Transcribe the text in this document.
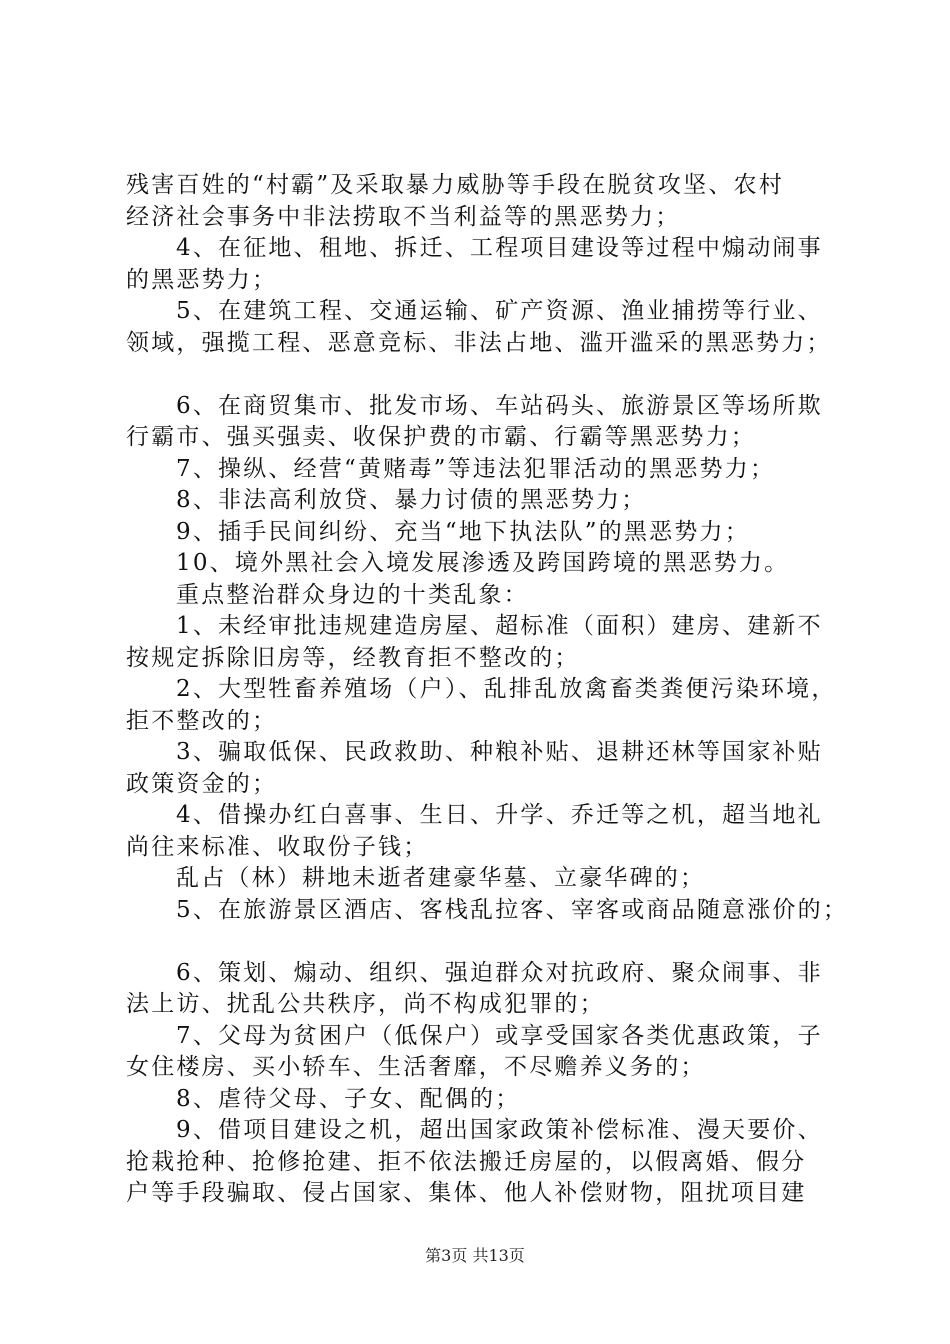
残害百姓的“村霸”及采取暴力威胁等手段在脱贫攻坚、农村
经济社会事务中非法捞取不当利益等的黑恶势力；
4、在征地、租地、拆迁、工程项目建设等过程中煽动闹事
的黑恶势力；
5、在建筑工程、交通运输、矿产资源、渔业捕捞等行业、
领域，强揽工程、恶意竞标、非法占地、滥开滥采的黑恶势力；
6、在商贸集市、批发市场、车站码头、旅游景区等场所欺
行霸市、强买强卖、收保护费的市霸、行霸等黑恶势力；
7、操纵、经营“黄赌毒”等违法犯罪活动的黑恶势力；
8、非法高利放贷、暴力讨债的黑恶势力；
9、插手民间纠纷、充当“地下执法队”的黑恶势力；
10、境外黑社会入境发展渗透及跨国跨境的黑恶势力。
重点整治群众身边的十类乱象：
1、未经审批违规建造房屋、超标准（面积）建房、建新不
按规定拆除旧房等，经教育拒不整改的；
2、大型牲畜养殖场（户）、乱排乱放禽畜类粪便污染环境，
拒不整改的；
3、骗取低保、民政救助、种粮补贴、退耕还林等国家补贴
政策资金的；
4、借操办红白喜事、生日、升学、乔迁等之机，超当地礼
尚往来标准、收取份子钱；
乱占（林）耕地未逝者建豪华墓、立豪华碑的；
5、在旅游景区酒店、客栈乱拉客、宰客或商品随意涨价的；
6、策划、煽动、组织、强迫群众对抗政府、聚众闹事、非
法上访、扰乱公共秩序，尚不构成犯罪的；
7、父母为贫困户（低保户）或享受国家各类优惠政策，子
女住楼房、买小轿车、生活奢靡，不尽赡养义务的；
8、虐待父母、子女、配偶的；
9、借项目建设之机，超出国家政策补偿标准、漫天要价、
抢栽抢种、抢修抢建、拒不依法搬迁房屋的，以假离婚、假分
户等手段骗取、侵占国家、集体、他人补偿财物，阻扰项目建
第3页 共13页
